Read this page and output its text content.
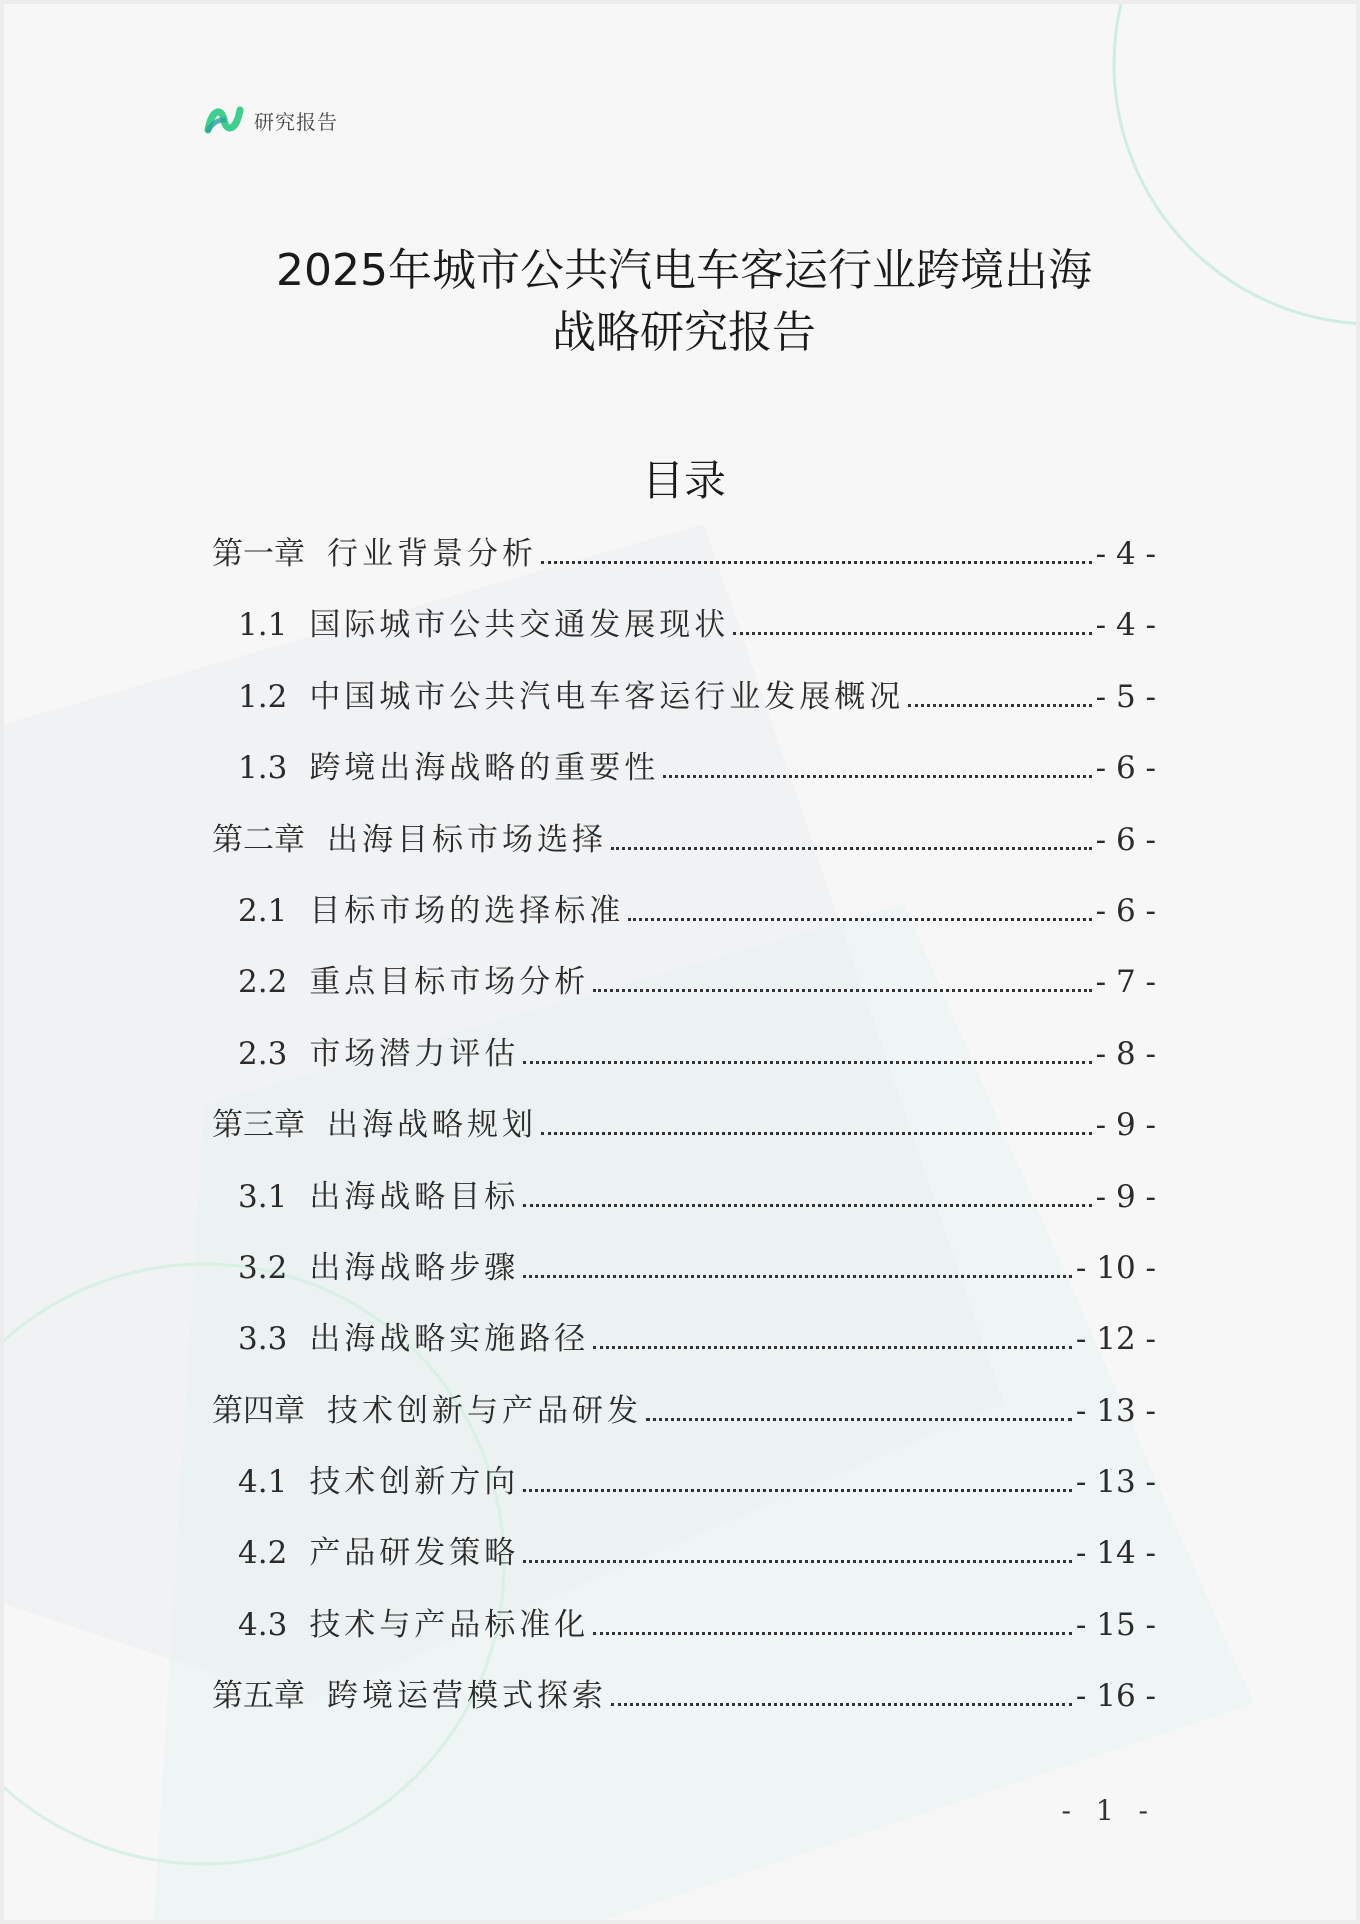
研究报告
2025年城市公共汽电车客运行业跨境出海
战略研究报告
目录
第一章 行业背景分析	- 4 -
1.1 国际城市公共交通发展现状	- 4 -
1.2 中国城市公共汽电车客运行业发展概况	- 5 -
1.3 跨境出海战略的重要性	- 6 -
第二章 出海目标市场选择	- 6 -
2.1 目标市场的选择标准	- 6 -
2.2 重点目标市场分析	- 7 -
2.3 市场潜力评估	- 8 -
第三章 出海战略规划	- 9 -
3.1 出海战略目标	- 9 -
3.2 出海战略步骤	- 10 -
3.3 出海战略实施路径	- 12 -
第四章 技术创新与产品研发	- 13 -
4.1 技术创新方向	- 13 -
4.2 产品研发策略	- 14 -
4.3 技术与产品标准化	- 15 -
第五章 跨境运营模式探索	- 16 -
- 1 -
